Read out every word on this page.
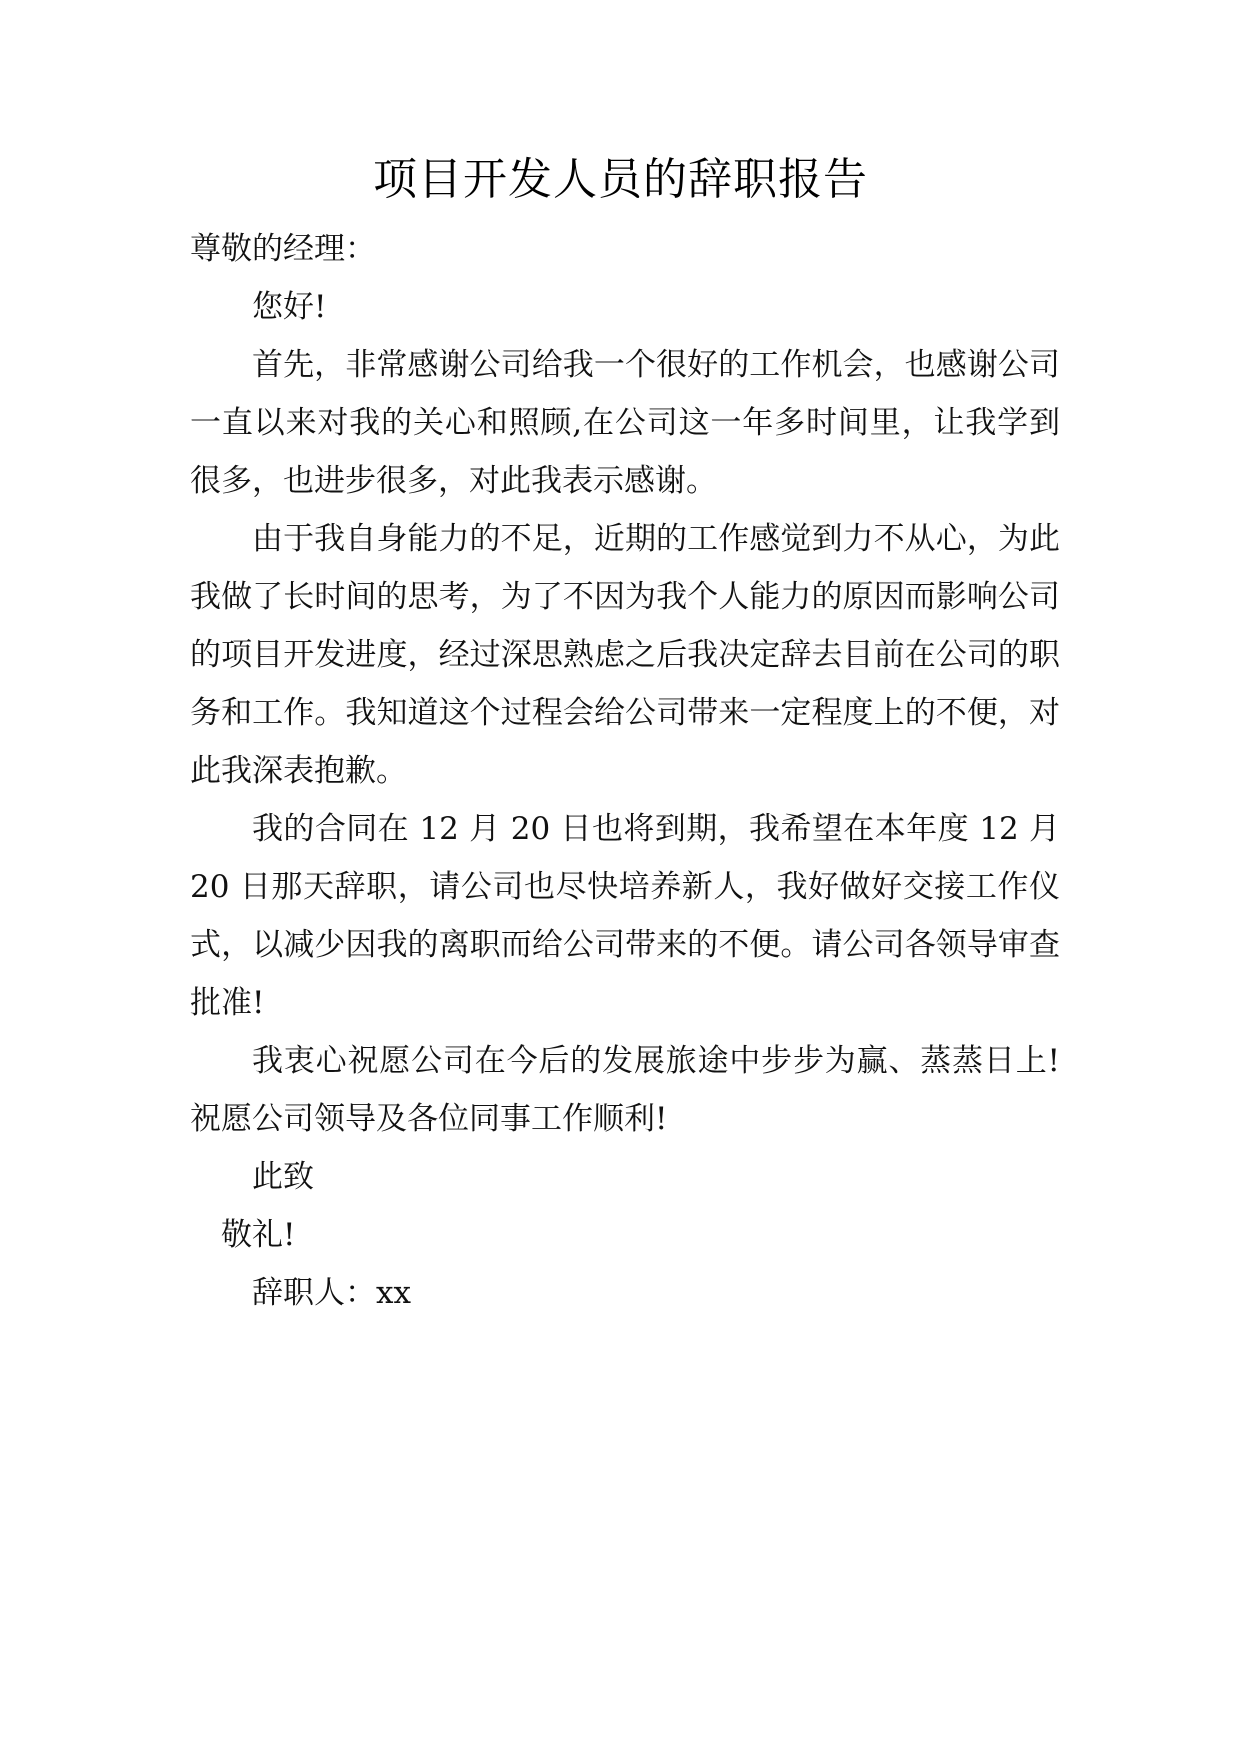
项目开发人员的辞职报告

尊敬的经理：

您好!

首先，非常感谢公司给我一个很好的工作机会，也感谢公司一直以来对我的关心和照顾,在公司这一年多时间里，让我学到很多，也进步很多，对此我表示感谢。

由于我自身能力的不足，近期的工作感觉到力不从心，为此我做了长时间的思考，为了不因为我个人能力的原因而影响公司的项目开发进度，经过深思熟虑之后我决定辞去目前在公司的职务和工作。我知道这个过程会给公司带来一定程度上的不便，对此我深表抱歉。

我的合同在 12 月 20 日也将到期，我希望在本年度 12 月 20 日那天辞职，请公司也尽快培养新人，我好做好交接工作仪式，以减少因我的离职而给公司带来的不便。请公司各领导审查批准!

我衷心祝愿公司在今后的发展旅途中步步为赢、蒸蒸日上!祝愿公司领导及各位同事工作顺利!

此致

敬礼!

辞职人：xx
